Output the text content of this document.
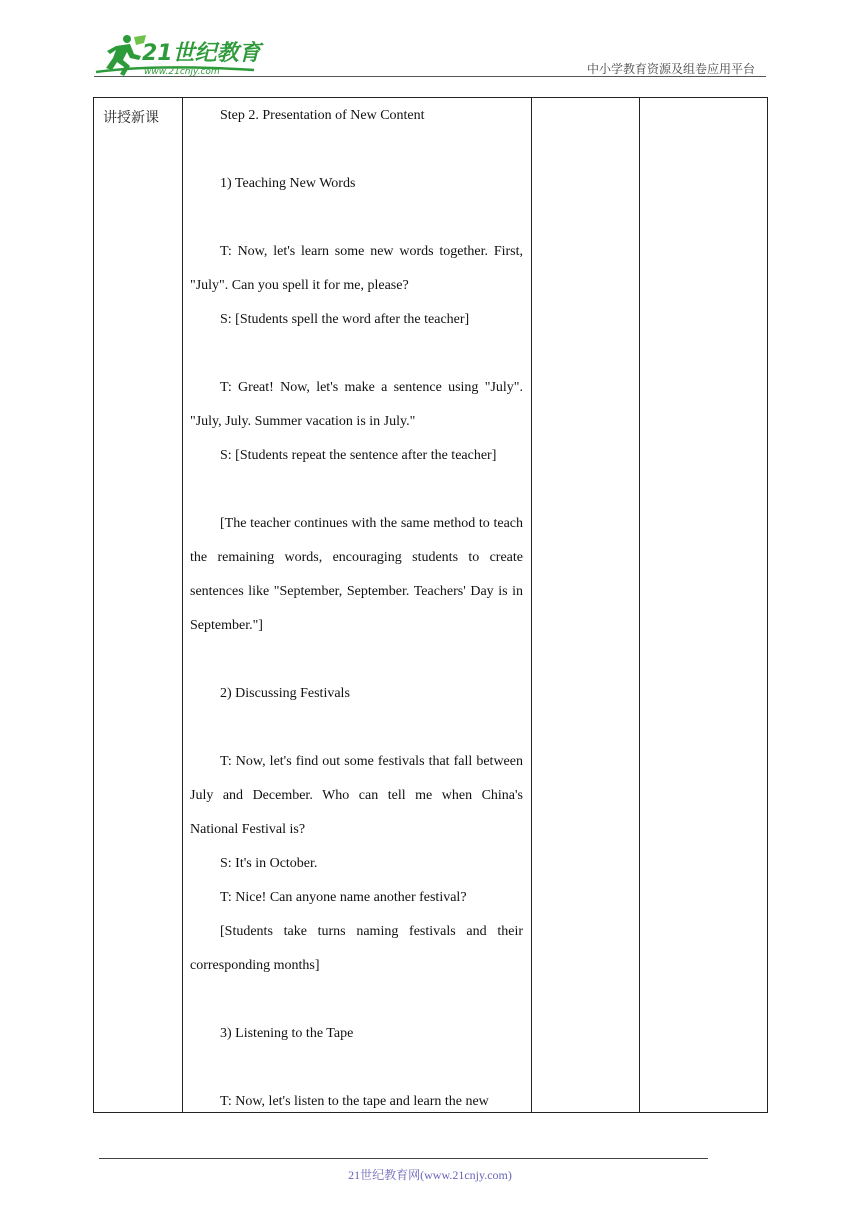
21世纪教育
www.21cnjy.com	中小学教育资源及组卷应用平台
讲授新课	Step 2. Presentation of New Content

1) Teaching New Words

T: Now, let's learn some new words together. First, "July". Can you spell it for me, please?

S: [Students spell the word after the teacher]

T: Great! Now, let's make a sentence using "July". "July, July. Summer vacation is in July."

S: [Students repeat the sentence after the teacher]

[The teacher continues with the same method to teach the remaining words, encouraging students to create sentences like "September, September. Teachers' Day is in September."]

2) Discussing Festivals

T: Now, let's find out some festivals that fall between July and December. Who can tell me when China's National Festival is?

S: It's in October.

T: Nice! Can anyone name another festival?

[Students take turns naming festivals and their corresponding months]

3) Listening to the Tape

T: Now, let's listen to the tape and learn the new

21世纪教育网(www.21cnjy.com)
